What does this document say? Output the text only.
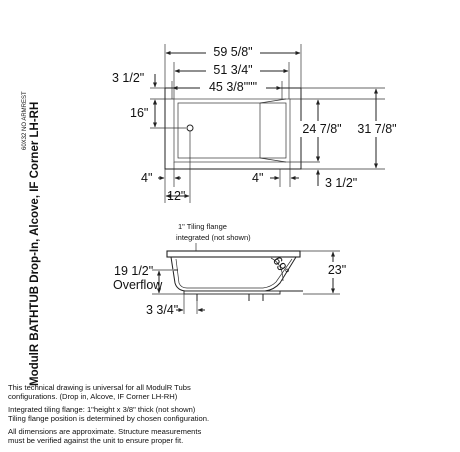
ModulR BATHTUB Drop-In, Alcove, IF Corner LH-RH
60X32 NO ARMREST
59 5/8"
51 3/4"
45 3/8"""
3 1/2"
16"
24 7/8" 31 7/8"
4"
12"
4"	3 1/2"
1" Tiling flange
integrated (not shown)
19 1/2"
Overflow
23"
69°
3 3/4"

This technical drawing is universal for all ModulR Tubs
configurations. (Drop in, Alcove, IF Corner LH-RH)

Integrated tiling flange: 1"height x 3/8" thick (not shown)
Tiling flange position is determined by chosen configuration.

All dimensions are approximate. Structure measurements
must be verified against the unit to ensure proper fit.
